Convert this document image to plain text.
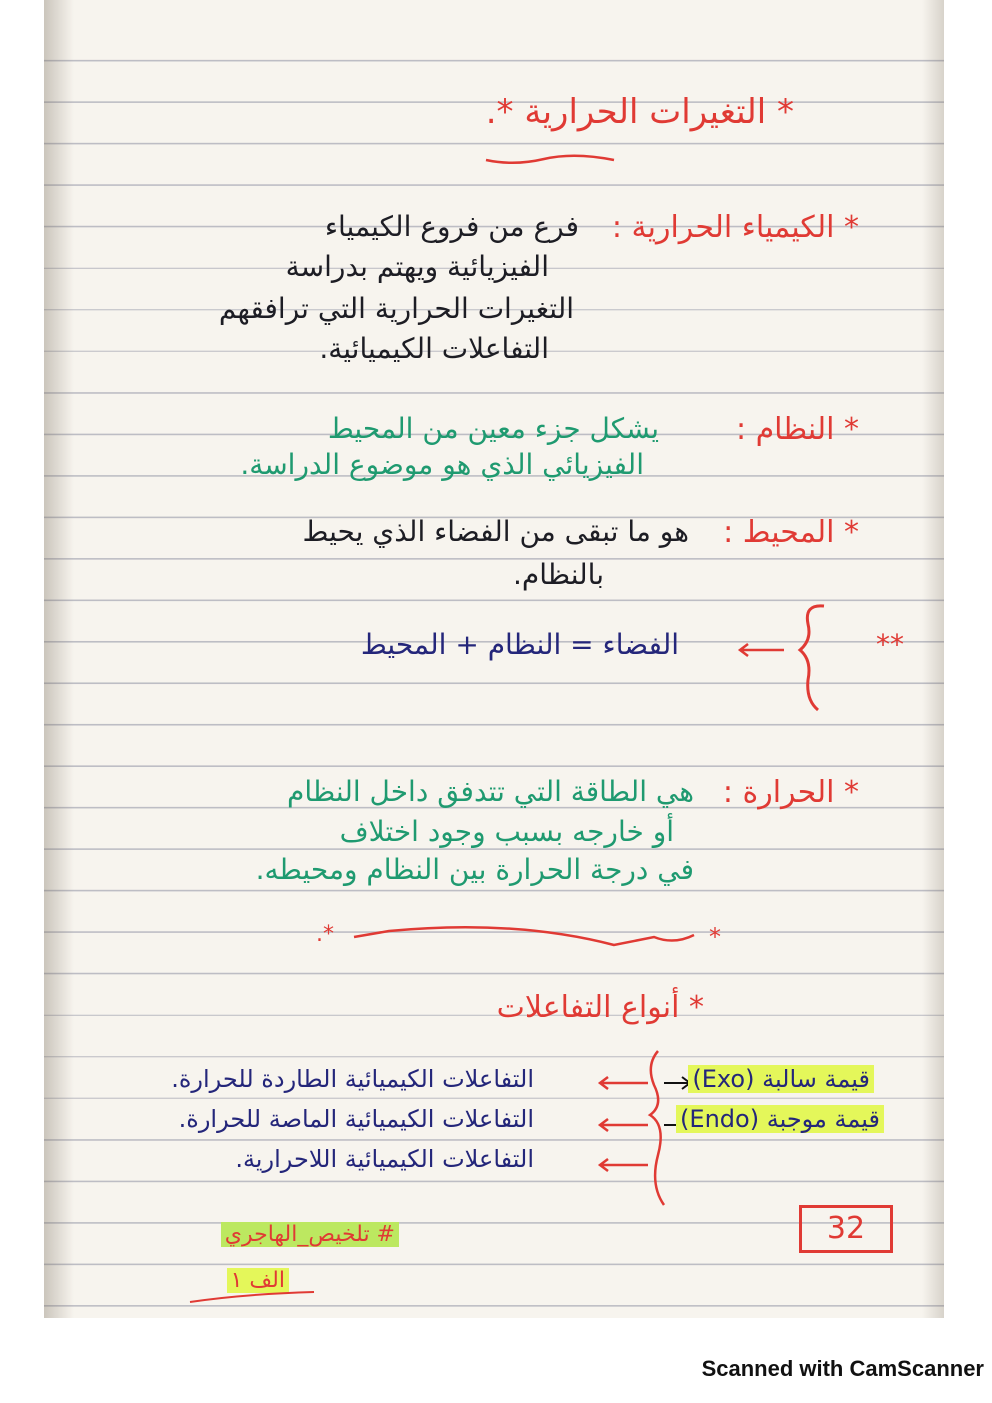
* التغيرات الحرارية *.
* الكيمياء الحرارية :
فرع من فروع الكيمياء
الفيزيائية ويهتم بدراسة
التغيرات الحرارية التي ترافقهم
التفاعلات الكيميائية.
* النظام :
يشكل جزء معين من المحيط
الفيزيائي الذي هو موضوع الدراسة.
* المحيط :
هو ما تبقى من الفضاء الذي يحيط
بالنظام.
**
الفضاء = النظام + المحيط
* الحرارة :
هي الطاقة التي تتدفق داخل النظام
أو خارجه بسبب وجود اختلاف
في درجة الحرارة بين النظام ومحيطه.
.*	*
* أنواع التفاعلات
التفاعلات الكيميائية الطاردة للحرارة.
التفاعلات الكيميائية الماصة للحرارة.
التفاعلات الكيميائية اللاحرارية.
قيمة سالبة (Exo)
قيمة موجبة (Endo)
32
# تلخيص_الهاجري
الف ١
Scanned with CamScanner
